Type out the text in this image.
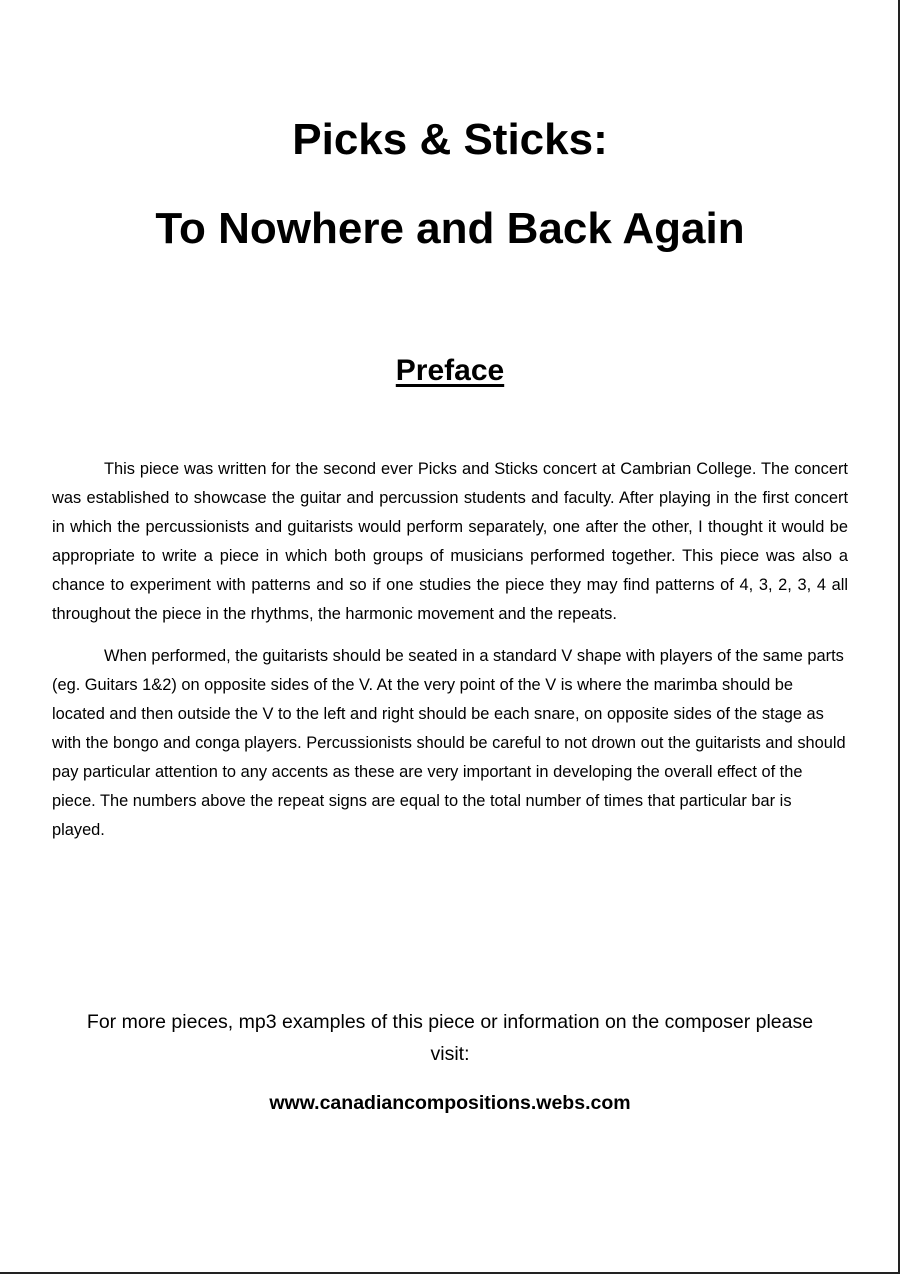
Picks & Sticks:
To Nowhere and Back Again
Preface

This piece was written for the second ever Picks and Sticks concert at Cambrian College. The concert was established to showcase the guitar and percussion students and faculty. After playing in the first concert in which the percussionists and guitarists would perform separately, one after the other, I thought it would be appropriate to write a piece in which both groups of musicians performed together. This piece was also a chance to experiment with patterns and so if one studies the piece they may find patterns of 4, 3, 2, 3, 4 all throughout the piece in the rhythms, the harmonic movement and the repeats.

When performed, the guitarists should be seated in a standard V shape with players of the same parts (eg. Guitars 1&2) on opposite sides of the V. At the very point of the V is where the marimba should be located and then outside the V to the left and right should be each snare, on opposite sides of the stage as with the bongo and conga players. Percussionists should be careful to not drown out the guitarists and should pay particular attention to any accents as these are very important in developing the overall effect of the piece. The numbers above the repeat signs are equal to the total number of times that particular bar is played.

For more pieces, mp3 examples of this piece or information on the composer please visit:

www.canadiancompositions.webs.com
